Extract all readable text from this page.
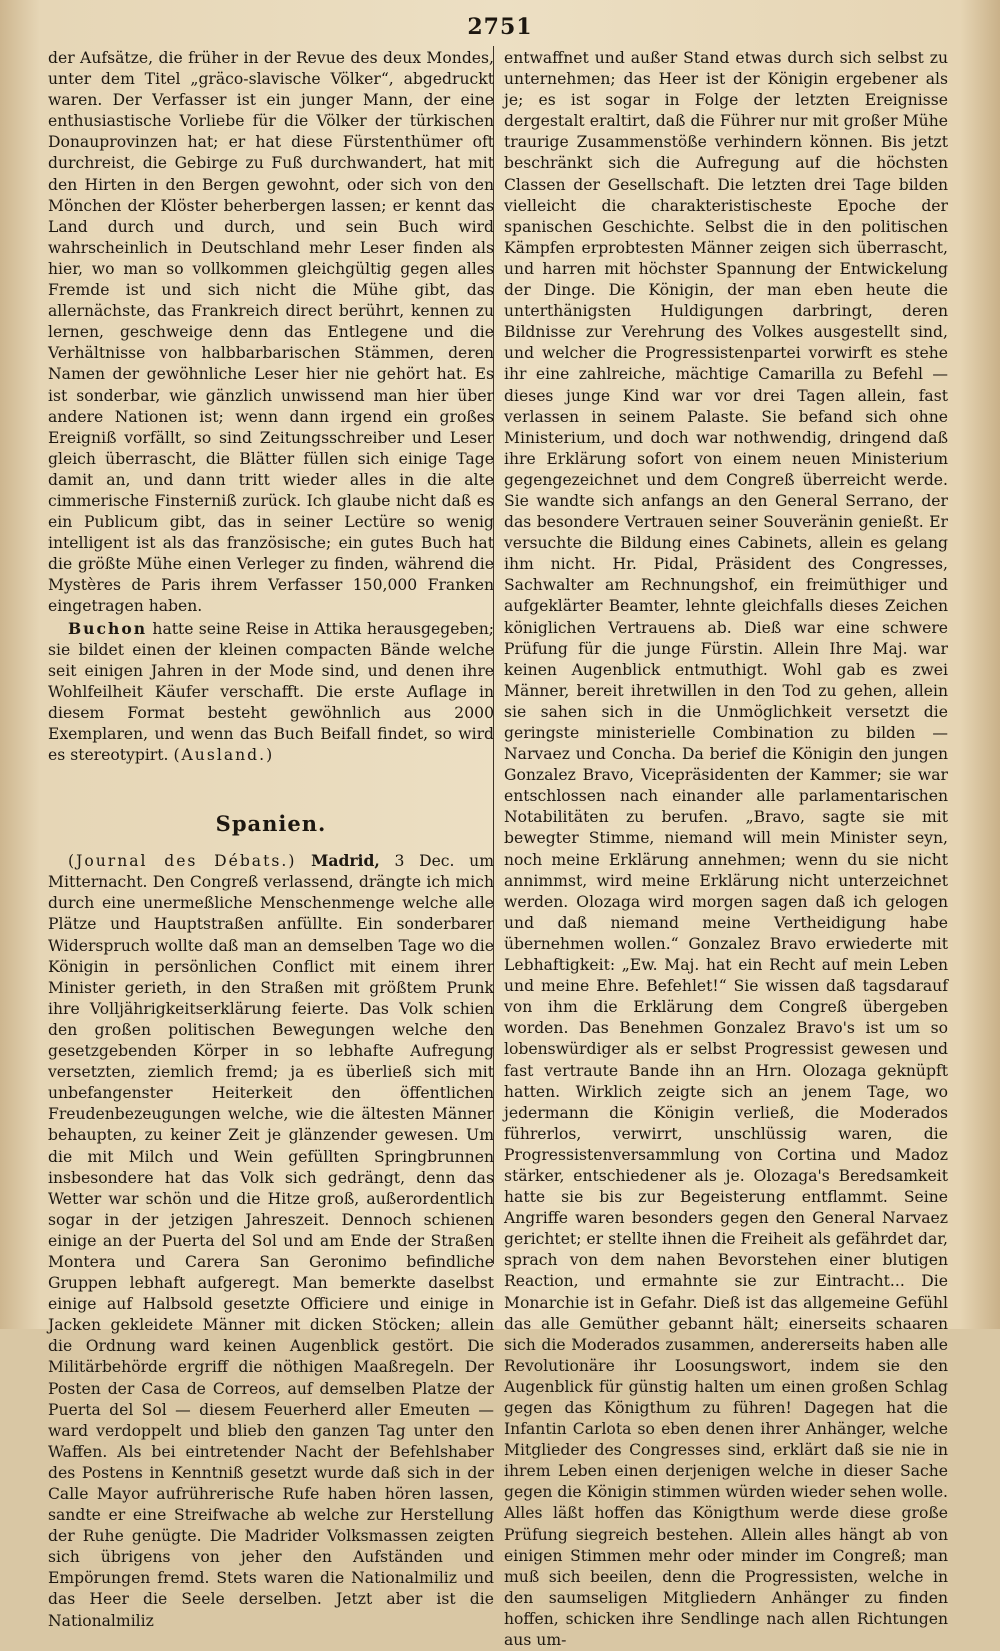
2751

der Aufsätze, die früher in der Revue des deux Mondes, unter dem Titel „gräco-slavische Völker“, abgedruckt waren. Der Verfasser ist ein junger Mann, der eine enthusiastische Vorliebe für die Völker der türkischen Donauprovinzen hat; er hat diese Fürstenthümer oft durchreist, die Gebirge zu Fuß durchwandert, hat mit den Hirten in den Bergen gewohnt, oder sich von den Mönchen der Klöster beherbergen lassen; er kennt das Land durch und durch, und sein Buch wird wahrscheinlich in Deutschland mehr Leser finden als hier, wo man so vollkommen gleichgültig gegen alles Fremde ist und sich nicht die Mühe gibt, das allernächste, das Frankreich direct berührt, kennen zu lernen, geschweige denn das Entlegene und die Verhältnisse von halbbarbarischen Stämmen, deren Namen der gewöhnliche Leser hier nie gehört hat. Es ist sonderbar, wie gänzlich unwissend man hier über andere Nationen ist; wenn dann irgend ein großes Ereigniß vorfällt, so sind Zeitungsschreiber und Leser gleich überrascht, die Blätter füllen sich einige Tage damit an, und dann tritt wieder alles in die alte cimmerische Finsterniß zurück. Ich glaube nicht daß es ein Publicum gibt, das in seiner Lectüre so wenig intelligent ist als das französische; ein gutes Buch hat die größte Mühe einen Verleger zu finden, während die Mystères de Paris ihrem Verfasser 150,000 Franken eingetragen haben.

Buchon hatte seine Reise in Attika herausgegeben; sie bildet einen der kleinen compacten Bände welche seit einigen Jahren in der Mode sind, und denen ihre Wohlfeilheit Käufer verschafft. Die erste Auflage in diesem Format besteht gewöhnlich aus 2000 Exemplaren, und wenn das Buch Beifall findet, so wird es stereotypirt. (Ausland.)

Spanien.

(Journal des Débats.) Madrid, 3 Dec. um Mitternacht. Den Congreß verlassend, drängte ich mich durch eine unermeßliche Menschenmenge welche alle Plätze und Hauptstraßen anfüllte. Ein sonderbarer Widerspruch wollte daß man an demselben Tage wo die Königin in persönlichen Conflict mit einem ihrer Minister gerieth, in den Straßen mit größtem Prunk ihre Volljährigkeitserklärung feierte. Das Volk schien den großen politischen Bewegungen welche den gesetzgebenden Körper in so lebhafte Aufregung versetzten, ziemlich fremd; ja es überließ sich mit unbefangenster Heiterkeit den öffentlichen Freudenbezeugungen welche, wie die ältesten Männer behaupten, zu keiner Zeit je glänzender gewesen. Um die mit Milch und Wein gefüllten Springbrunnen insbesondere hat das Volk sich gedrängt, denn das Wetter war schön und die Hitze groß, außerordentlich sogar in der jetzigen Jahreszeit. Dennoch schienen einige an der Puerta del Sol und am Ende der Straßen Montera und Carera San Geronimo befindliche Gruppen lebhaft aufgeregt. Man bemerkte daselbst einige auf Halbsold gesetzte Officiere und einige in Jacken gekleidete Männer mit dicken Stöcken; allein die Ordnung ward keinen Augenblick gestört. Die Militärbehörde ergriff die nöthigen Maaßregeln. Der Posten der Casa de Correos, auf demselben Platze der Puerta del Sol — diesem Feuerherd aller Emeuten — ward verdoppelt und blieb den ganzen Tag unter den Waffen. Als bei eintretender Nacht der Befehlshaber des Postens in Kenntniß gesetzt wurde daß sich in der Calle Mayor aufrührerische Rufe haben hören lassen, sandte er eine Streifwache ab welche zur Herstellung der Ruhe genügte. Die Madrider Volksmassen zeigten sich übrigens von jeher den Aufständen und Empörungen fremd. Stets waren die Nationalmiliz und das Heer die Seele derselben. Jetzt aber ist die Nationalmiliz

entwaffnet und außer Stand etwas durch sich selbst zu unternehmen; das Heer ist der Königin ergebener als je; es ist sogar in Folge der letzten Ereignisse dergestalt eraltirt, daß die Führer nur mit großer Mühe traurige Zusammenstöße verhindern können. Bis jetzt beschränkt sich die Aufregung auf die höchsten Classen der Gesellschaft. Die letzten drei Tage bilden vielleicht die charakteristischeste Epoche der spanischen Geschichte. Selbst die in den politischen Kämpfen erprobtesten Männer zeigen sich überrascht, und harren mit höchster Spannung der Entwickelung der Dinge. Die Königin, der man eben heute die unterthänigsten Huldigungen darbringt, deren Bildnisse zur Verehrung des Volkes ausgestellt sind, und welcher die Progressistenpartei vorwirft es stehe ihr eine zahlreiche, mächtige Camarilla zu Befehl — dieses junge Kind war vor drei Tagen allein, fast verlassen in seinem Palaste. Sie befand sich ohne Ministerium, und doch war nothwendig, dringend daß ihre Erklärung sofort von einem neuen Ministerium gegengezeichnet und dem Congreß überreicht werde. Sie wandte sich anfangs an den General Serrano, der das besondere Vertrauen seiner Souveränin genießt. Er versuchte die Bildung eines Cabinets, allein es gelang ihm nicht. Hr. Pidal, Präsident des Congresses, Sachwalter am Rechnungshof, ein freimüthiger und aufgeklärter Beamter, lehnte gleichfalls dieses Zeichen königlichen Vertrauens ab. Dieß war eine schwere Prüfung für die junge Fürstin. Allein Ihre Maj. war keinen Augenblick entmuthigt. Wohl gab es zwei Männer, bereit ihretwillen in den Tod zu gehen, allein sie sahen sich in die Unmöglichkeit versetzt die geringste ministerielle Combination zu bilden — Narvaez und Concha. Da berief die Königin den jungen Gonzalez Bravo, Vicepräsidenten der Kammer; sie war entschlossen nach einander alle parlamentarischen Notabilitäten zu berufen. „Bravo, sagte sie mit bewegter Stimme, niemand will mein Minister seyn, noch meine Erklärung annehmen; wenn du sie nicht annimmst, wird meine Erklärung nicht unterzeichnet werden. Olozaga wird morgen sagen daß ich gelogen und daß niemand meine Vertheidigung habe übernehmen wollen.“ Gonzalez Bravo erwiederte mit Lebhaftigkeit: „Ew. Maj. hat ein Recht auf mein Leben und meine Ehre. Befehlet!“ Sie wissen daß tagsdarauf von ihm die Erklärung dem Congreß übergeben worden. Das Benehmen Gonzalez Bravo's ist um so lobenswürdiger als er selbst Progressist gewesen und fast vertraute Bande ihn an Hrn. Olozaga geknüpft hatten. Wirklich zeigte sich an jenem Tage, wo jedermann die Königin verließ, die Moderados führerlos, verwirrt, unschlüssig waren, die Progressistenversammlung von Cortina und Madoz stärker, entschiedener als je. Olozaga's Beredsamkeit hatte sie bis zur Begeisterung entflammt. Seine Angriffe waren besonders gegen den General Narvaez gerichtet; er stellte ihnen die Freiheit als gefährdet dar, sprach von dem nahen Bevorstehen einer blutigen Reaction, und ermahnte sie zur Eintracht... Die Monarchie ist in Gefahr. Dieß ist das allgemeine Gefühl das alle Gemüther gebannt hält; einerseits schaaren sich die Moderados zusammen, andererseits haben alle Revolutionäre ihr Loosungswort, indem sie den Augenblick für günstig halten um einen großen Schlag gegen das Königthum zu führen! Dagegen hat die Infantin Carlota so eben denen ihrer Anhänger, welche Mitglieder des Congresses sind, erklärt daß sie nie in ihrem Leben einen derjenigen welche in dieser Sache gegen die Königin stimmen würden wieder sehen wolle. Alles läßt hoffen das Königthum werde diese große Prüfung siegreich bestehen. Allein alles hängt ab von einigen Stimmen mehr oder minder im Congreß; man muß sich beeilen, denn die Progressisten, welche in den saumseligen Mitgliedern Anhänger zu finden hoffen, schicken ihre Sendlinge nach allen Richtungen aus um-
